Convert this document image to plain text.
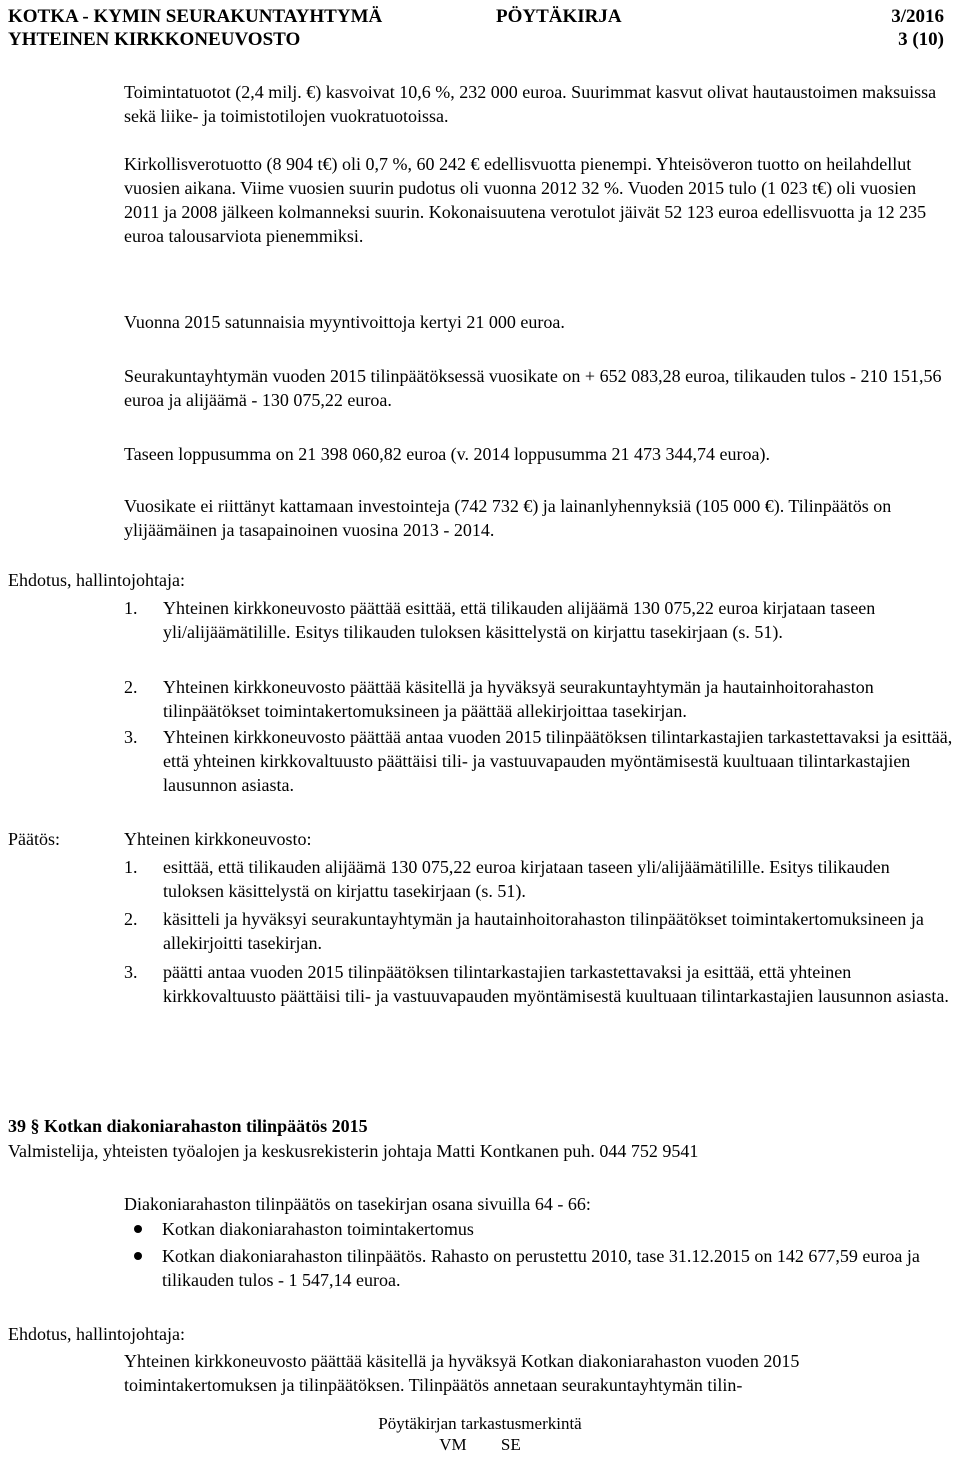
KOTKA - KYMIN SEURAKUNTAYHTYMÄ	PÖYTÄKIRJA	3/2016
YHTEINEN KIRKKONEUVOSTO	3 (10)

Toimintatuotot (2,4 milj. €) kasvoivat 10,6 %, 232 000 euroa. Suurimmat kasvut olivat hautaustoimen maksuissa sekä liike- ja toimistotilojen vuokratuotoissa.

Kirkollisverotuotto (8 904 t€) oli 0,7 %, 60 242 € edellisvuotta pienempi. Yhteisöveron tuotto on heilahdellut vuosien aikana. Viime vuosien suurin pudotus oli vuonna 2012 32 %. Vuoden 2015 tulo (1 023 t€) oli vuosien 2011 ja 2008 jälkeen kolmanneksi suurin. Kokonaisuutena verotulot jäivät 52 123 euroa edellisvuotta ja 12 235 euroa talousarviota pienemmiksi.

Vuonna 2015 satunnaisia myyntivoittoja kertyi 21 000 euroa.

Seurakuntayhtymän vuoden 2015 tilinpäätöksessä vuosikate on + 652 083,28 euroa, tilikauden tulos - 210 151,56 euroa ja alijäämä - 130 075,22 euroa.

Taseen loppusumma on 21 398 060,82 euroa (v. 2014 loppusumma 21 473 344,74 euroa).

Vuosikate ei riittänyt kattamaan investointeja (742 732 €) ja lainanlyhennyksiä (105 000 €). Tilinpäätös on ylijäämäinen ja tasapainoinen vuosina 2013 - 2014.

Ehdotus, hallintojohtaja:
1. Yhteinen kirkkoneuvosto päättää esittää, että tilikauden alijäämä 130 075,22 euroa kirjataan taseen yli/alijäämätilille. Esitys tilikauden tuloksen käsittelystä on kirjattu tasekirjaan (s. 51).
2. Yhteinen kirkkoneuvosto päättää käsitellä ja hyväksyä seurakuntayhtymän ja hautainhoitorahaston tilinpäätökset toimintakertomuksineen ja päättää allekirjoittaa tasekirjan.
3. Yhteinen kirkkoneuvosto päättää antaa vuoden 2015 tilinpäätöksen tilintarkastajien tarkastettavaksi ja esittää, että yhteinen kirkkovaltuusto päättäisi tili- ja vastuuvapauden myöntämisestä kuultuaan tilintarkastajien lausunnon asiasta.
Päätös:	Yhteinen kirkkoneuvosto:
1. esittää, että tilikauden alijäämä 130 075,22 euroa kirjataan taseen yli/alijäämätilille. Esitys tilikauden tuloksen käsittelystä on kirjattu tasekirjaan (s. 51).
2. käsitteli ja hyväksyi seurakuntayhtymän ja hautainhoitorahaston tilinpäätökset toimintakertomuksineen ja allekirjoitti tasekirjan.
3. päätti antaa vuoden 2015 tilinpäätöksen tilintarkastajien tarkastettavaksi ja esittää, että yhteinen kirkkovaltuusto päättäisi tili- ja vastuuvapauden myöntämisestä kuultuaan tilintarkastajien lausunnon asiasta.
39 § Kotkan diakoniarahaston tilinpäätös 2015
Valmistelija, yhteisten työalojen ja keskusrekisterin johtaja Matti Kontkanen puh. 044 752 9541
Diakoniarahaston tilinpäätös on tasekirjan osana sivuilla 64 - 66:
Kotkan diakoniarahaston toimintakertomus
Kotkan diakoniarahaston tilinpäätös. Rahasto on perustettu 2010, tase 31.12.2015 on 142 677,59 euroa ja tilikauden tulos - 1 547,14 euroa.
Ehdotus, hallintojohtaja:

Yhteinen kirkkoneuvosto päättää käsitellä ja hyväksyä Kotkan diakoniarahaston vuoden 2015 toimintakertomuksen ja tilinpäätöksen. Tilinpäätös annetaan seurakuntayhtymän tilin-

Pöytäkirjan tarkastusmerkintä
VM SE
